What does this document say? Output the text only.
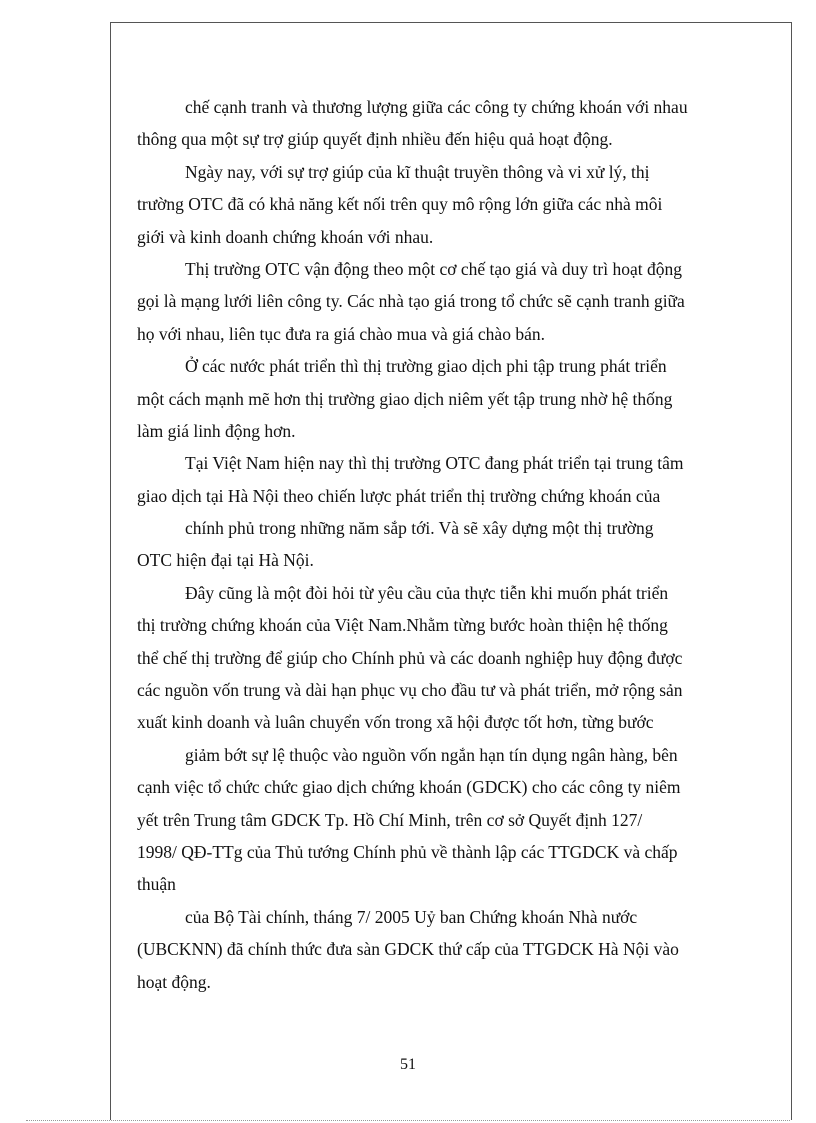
chế cạnh tranh và thương lượng giữa các công ty chứng khoán với nhau
thông qua một sự trợ giúp quyết định nhiều đến hiệu quả hoạt động.
Ngày nay, với sự trợ giúp của kĩ thuật truyền thông và vi xử lý, thị
trường OTC đã có khả năng kết nối trên quy mô rộng lớn giữa các nhà môi
giới và kinh doanh chứng khoán với nhau.
Thị trường OTC vận động theo một cơ chế tạo giá và duy trì hoạt động
gọi là mạng lưới liên công ty. Các nhà tạo giá trong tổ chức sẽ cạnh tranh giữa
họ với nhau, liên tục đưa ra giá chào mua và giá chào bán.
Ở các nước phát triển thì thị trường giao dịch phi tập trung phát triển
một cách mạnh mẽ hơn thị trường giao dịch niêm yết tập trung nhờ hệ thống
làm giá linh động hơn.
Tại Việt Nam hiện nay thì thị trường OTC đang phát triển tại trung tâm
giao dịch tại Hà Nội theo chiến lược phát triển thị trường chứng khoán của
chính phủ trong những năm sắp tới. Và sẽ xây dựng một thị trường
OTC hiện đại tại Hà Nội.
Đây cũng là một đòi hỏi từ yêu cầu của thực tiễn khi muốn phát triển
thị trường chứng khoán của Việt Nam.Nhằm từng bước hoàn thiện hệ thống
thể chế thị trường để giúp cho Chính phủ và các doanh nghiệp huy động được
các nguồn vốn trung và dài hạn phục vụ cho đầu tư và phát triển, mở rộng sản
xuất kinh doanh và luân chuyển vốn trong xã hội được tốt hơn, từng bước
giảm bớt sự lệ thuộc vào nguồn vốn ngắn hạn tín dụng ngân hàng, bên
cạnh việc tổ chức chức giao dịch chứng khoán (GDCK) cho các công ty niêm
yết trên Trung tâm GDCK Tp. Hồ Chí Minh, trên cơ sở Quyết định 127/
1998/ QĐ-TTg của Thủ tướng Chính phủ về thành lập các TTGDCK và chấp
thuận
của Bộ Tài chính, tháng 7/ 2005 Uỷ ban Chứng khoán Nhà nước
(UBCKNN) đã chính thức đưa sàn GDCK thứ cấp của TTGDCK Hà Nội vào
hoạt động.
51
